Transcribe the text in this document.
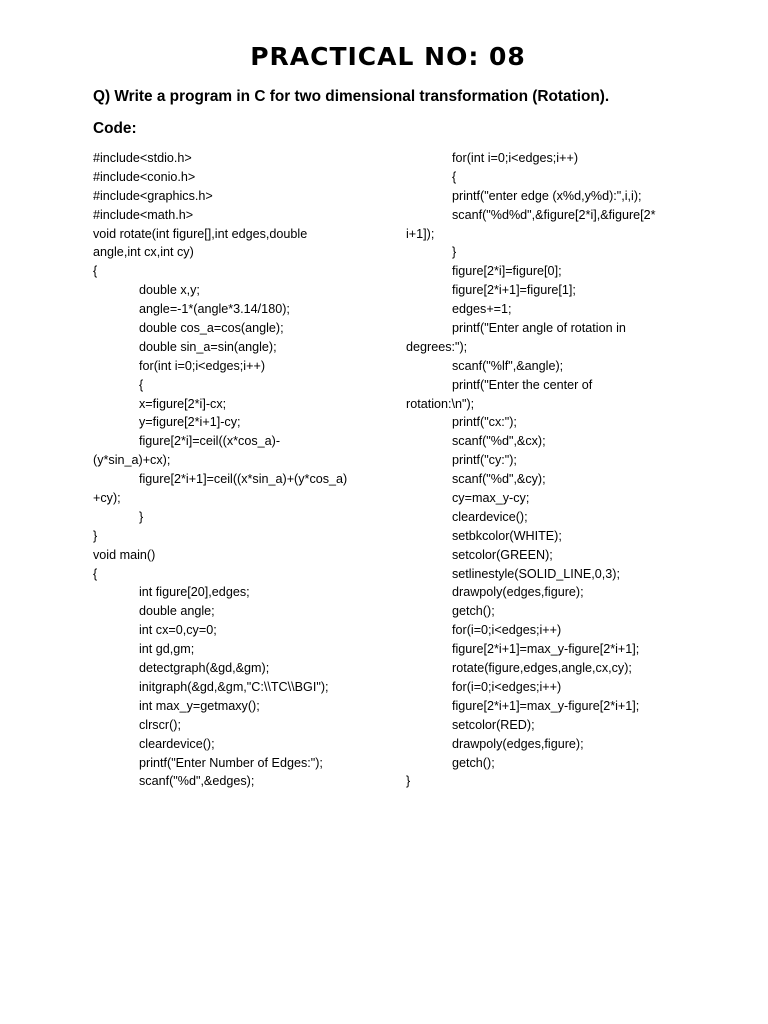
PRACTICAL NO: 08
Q) Write a program in C for two dimensional transformation (Rotation).
Code:
#include<stdio.h>
#include<conio.h>
#include<graphics.h>
#include<math.h>
void rotate(int figure[],int edges,double
angle,int cx,int cy)
{
double x,y;
angle=-1*(angle*3.14/180);
double cos_a=cos(angle);
double sin_a=sin(angle);
for(int i=0;i<edges;i++)
{
x=figure[2*i]-cx;
y=figure[2*i+1]-cy;
figure[2*i]=ceil((x*cos_a)-
(y*sin_a)+cx);
figure[2*i+1]=ceil((x*sin_a)+(y*cos_a)
+cy);
}
}
void main()
{
int figure[20],edges;
double angle;
int cx=0,cy=0;
int gd,gm;
detectgraph(&gd,&gm);
initgraph(&gd,&gm,"C:\\TC\\BGI");
int max_y=getmaxy();
clrscr();
cleardevice();
printf("Enter Number of Edges:");
scanf("%d",&edges);
for(int i=0;i<edges;i++)
{
printf("enter edge (x%d,y%d):",i,i);
scanf("%d%d",&figure[2*i],&figure[2*
i+1]);
}
figure[2*i]=figure[0];
figure[2*i+1]=figure[1];
edges+=1;
printf("Enter angle of rotation in
degrees:");
scanf("%lf",&angle);
printf("Enter the center of
rotation:\n");
printf("cx:");
scanf("%d",&cx);
printf("cy:");
scanf("%d",&cy);
cy=max_y-cy;
cleardevice();
setbkcolor(WHITE);
setcolor(GREEN);
setlinestyle(SOLID_LINE,0,3);
drawpoly(edges,figure);
getch();
for(i=0;i<edges;i++)
figure[2*i+1]=max_y-figure[2*i+1];
rotate(figure,edges,angle,cx,cy);
for(i=0;i<edges;i++)
figure[2*i+1]=max_y-figure[2*i+1];
setcolor(RED);
drawpoly(edges,figure);
getch();
}
